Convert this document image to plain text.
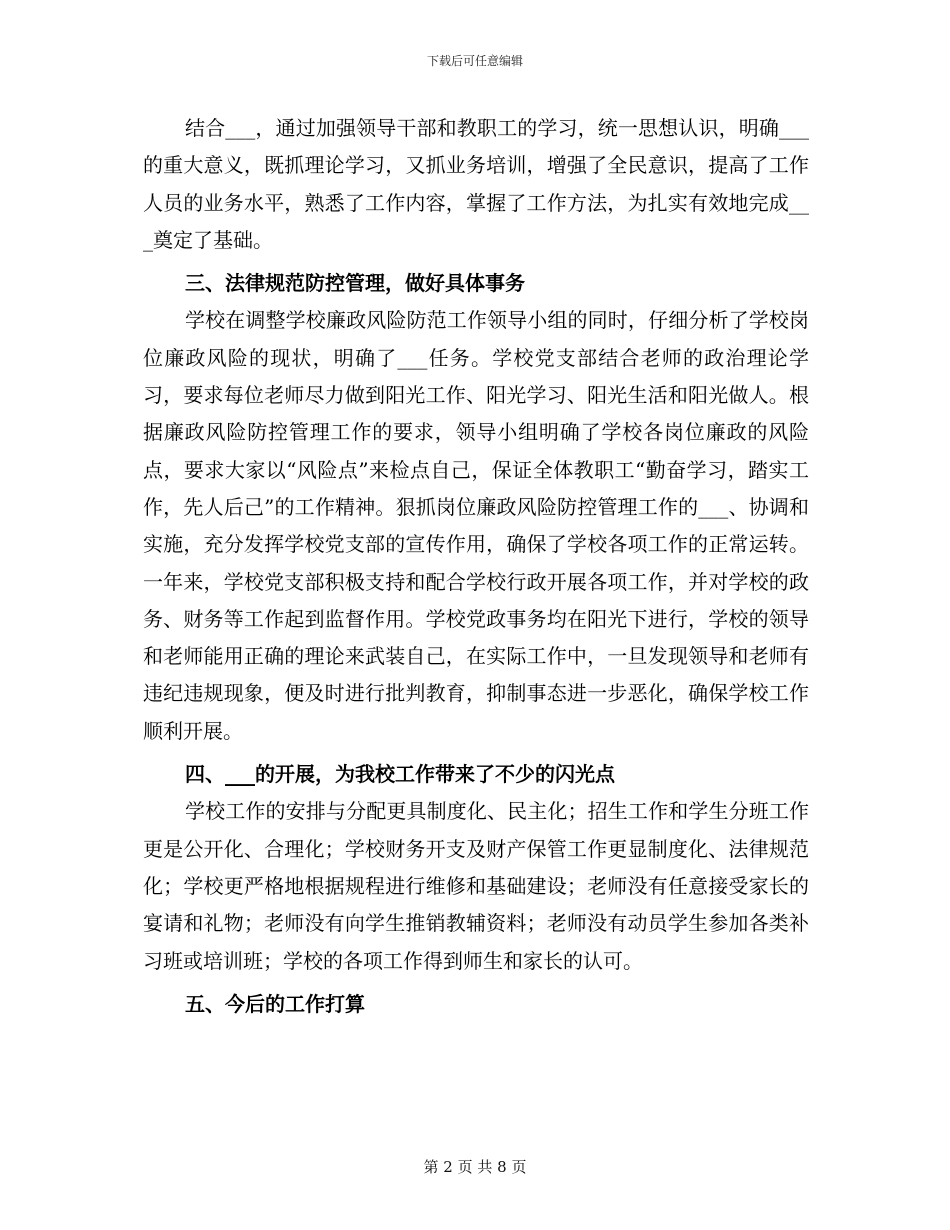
下载后可任意编辑

结合___，通过加强领导干部和教职工的学习，统一思想认识，明确___的重大意义，既抓理论学习，又抓业务培训，增强了全民意识，提高了工作人员的业务水平，熟悉了工作内容，掌握了工作方法，为扎实有效地完成___奠定了基础。

三、法律规范防控管理，做好具体事务

学校在调整学校廉政风险防范工作领导小组的同时，仔细分析了学校岗位廉政风险的现状，明确了___任务。学校党支部结合老师的政治理论学习，要求每位老师尽力做到阳光工作、阳光学习、阳光生活和阳光做人。根据廉政风险防控管理工作的要求，领导小组明确了学校各岗位廉政的风险点，要求大家以“风险点”来检点自己，保证全体教职工“勤奋学习，踏实工作，先人后己”的工作精神。狠抓岗位廉政风险防控管理工作的___、协调和实施，充分发挥学校党支部的宣传作用，确保了学校各项工作的正常运转。一年来，学校党支部积极支持和配合学校行政开展各项工作，并对学校的政务、财务等工作起到监督作用。学校党政事务均在阳光下进行，学校的领导和老师能用正确的理论来武装自己，在实际工作中，一旦发现领导和老师有违纪违规现象，便及时进行批判教育，抑制事态进一步恶化，确保学校工作顺利开展。

四、___的开展，为我校工作带来了不少的闪光点

学校工作的安排与分配更具制度化、民主化；招生工作和学生分班工作更是公开化、合理化；学校财务开支及财产保管工作更显制度化、法律规范化；学校更严格地根据规程进行维修和基础建设；老师没有任意接受家长的宴请和礼物；老师没有向学生推销教辅资料；老师没有动员学生参加各类补习班或培训班；学校的各项工作得到师生和家长的认可。

五、今后的工作打算

第 2 页 共 8 页
